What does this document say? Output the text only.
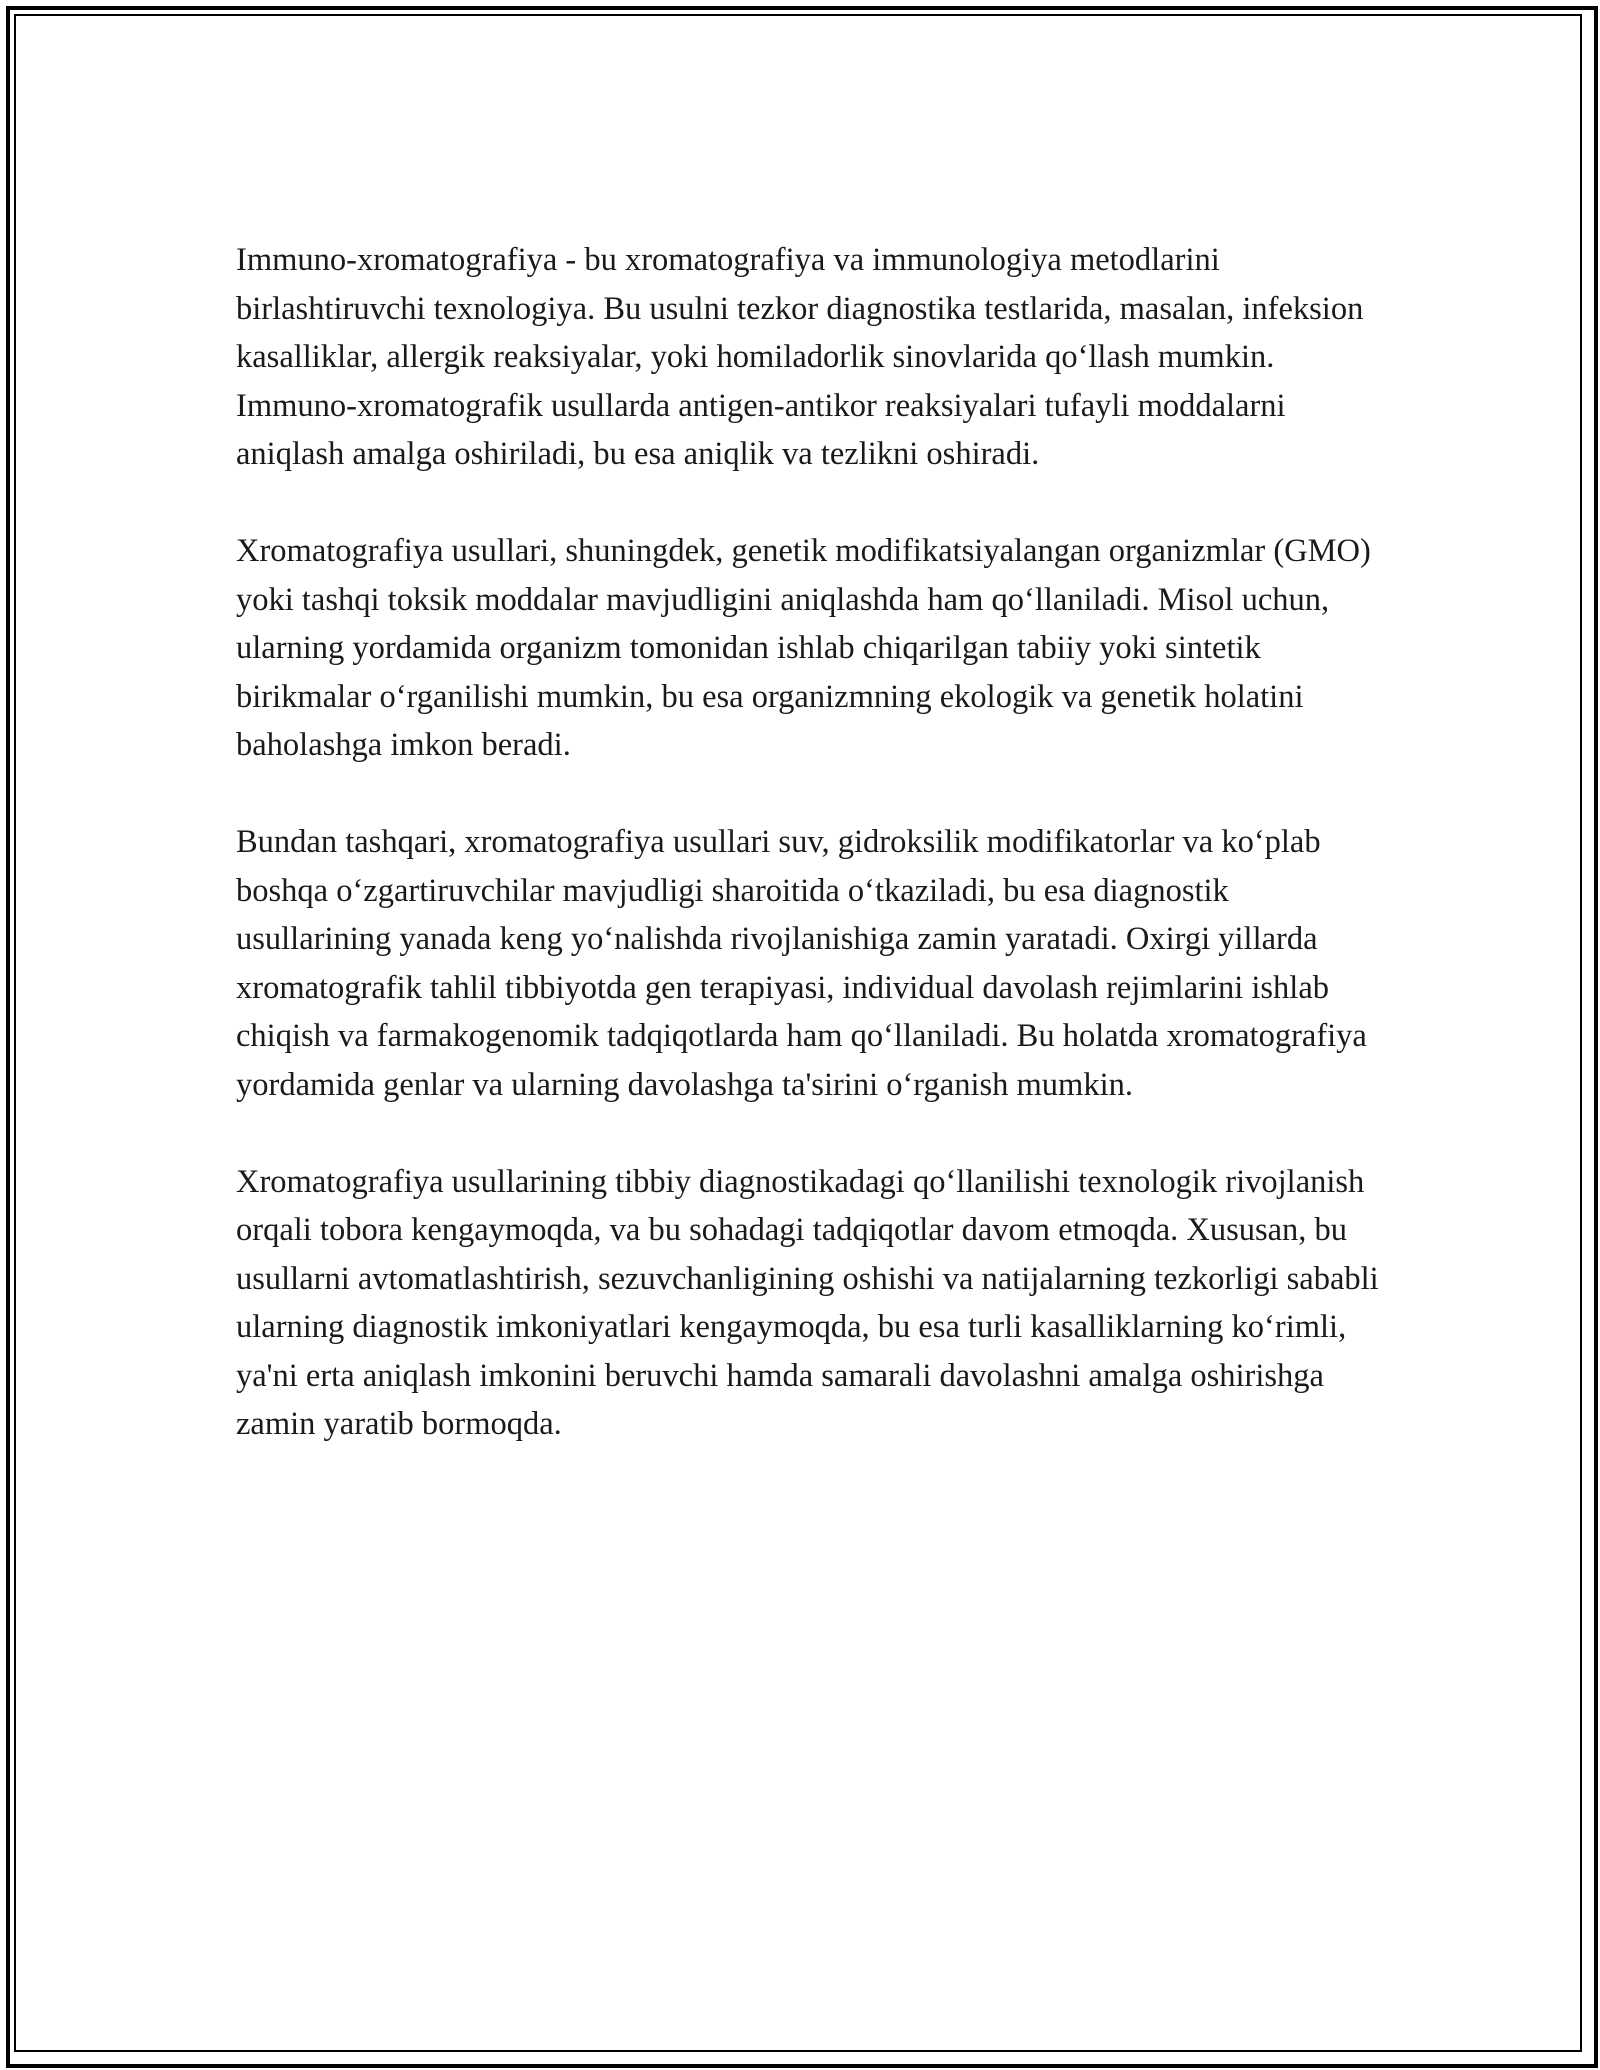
Immuno-xromatografiya - bu xromatografiya va immunologiya metodlarini birlashtiruvchi texnologiya. Bu usulni tezkor diagnostika testlarida, masalan, infeksion kasalliklar, allergik reaksiyalar, yoki homiladorlik sinovlarida qo‘llash mumkin. Immuno-xromatografik usullarda antigen-antikor reaksiyalari tufayli moddalarni aniqlash amalga oshiriladi, bu esa aniqlik va tezlikni oshiradi.

Xromatografiya usullari, shuningdek, genetik modifikatsiyalangan organizmlar (GMO) yoki tashqi toksik moddalar mavjudligini aniqlashda ham qo‘llaniladi. Misol uchun, ularning yordamida organizm tomonidan ishlab chiqarilgan tabiiy yoki sintetik birikmalar o‘rganilishi mumkin, bu esa organizmning ekologik va genetik holatini baholashga imkon beradi.

Bundan tashqari, xromatografiya usullari suv, gidroksilik modifikatorlar va ko‘plab boshqa o‘zgartiruvchilar mavjudligi sharoitida o‘tkaziladi, bu esa diagnostik usullarining yanada keng yo‘nalishda rivojlanishiga zamin yaratadi. Oxirgi yillarda xromatografik tahlil tibbiyotda gen terapiyasi, individual davolash rejimlarini ishlab chiqish va farmakogenomik tadqiqotlarda ham qo‘llaniladi. Bu holatda xromatografiya yordamida genlar va ularning davolashga ta'sirini o‘rganish mumkin.

Xromatografiya usullarining tibbiy diagnostikadagi qo‘llanilishi texnologik rivojlanish orqali tobora kengaymoqda, va bu sohadagi tadqiqotlar davom etmoqda. Xususan, bu usullarni avtomatlashtirish, sezuvchanligining oshishi va natijalarning tezkorligi sababli ularning diagnostik imkoniyatlari kengaymoqda, bu esa turli kasalliklarning ko‘rimli, ya'ni erta aniqlash imkonini beruvchi hamda samarali davolashni amalga oshirishga zamin yaratib bormoqda.
